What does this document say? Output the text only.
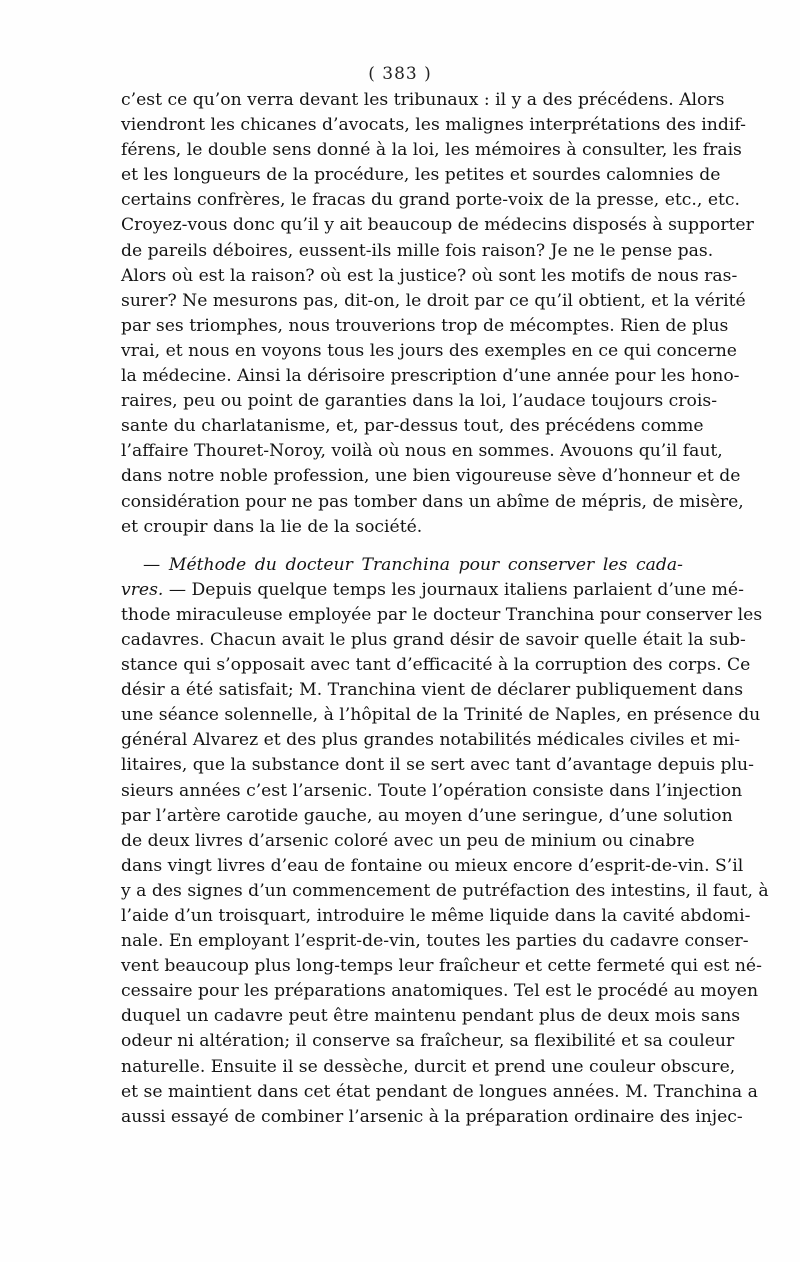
( 383 )
c’est ce qu’on verra devant les tribunaux : il y a des précédens. Alors
viendront les chicanes d’avocats, les malignes interprétations des indif-
férens, le double sens donné à la loi, les mémoires à consulter, les frais
et les longueurs de la procédure, les petites et sourdes calomnies de
certains confrères, le fracas du grand porte-voix de la presse, etc., etc.
Croyez-vous donc qu’il y ait beaucoup de médecins disposés à supporter
de pareils déboires, eussent-ils mille fois raison? Je ne le pense pas.
Alors où est la raison? où est la justice? où sont les motifs de nous ras-
surer? Ne mesurons pas, dit-on, le droit par ce qu’il obtient, et la vérité
par ses triomphes, nous trouverions trop de mécomptes. Rien de plus
vrai, et nous en voyons tous les jours des exemples en ce qui concerne
la médecine. Ainsi la dérisoire prescription d’une année pour les hono-
raires, peu ou point de garanties dans la loi, l’audace toujours crois-
sante du charlatanisme, et, par-dessus tout, des précédens comme
l’affaire Thouret-Noroy, voilà où nous en sommes. Avouons qu’il faut,
dans notre noble profession, une bien vigoureuse sève d’honneur et de
considération pour ne pas tomber dans un abîme de mépris, de misère,
et croupir dans la lie de la société.
— Méthode du docteur Tranchina pour conserver les cada-
vres. — Depuis quelque temps les journaux italiens parlaient d’une mé-
thode miraculeuse employée par le docteur Tranchina pour conserver les
cadavres. Chacun avait le plus grand désir de savoir quelle était la sub-
stance qui s’opposait avec tant d’efficacité à la corruption des corps. Ce
désir a été satisfait; M. Tranchina vient de déclarer publiquement dans
une séance solennelle, à l’hôpital de la Trinité de Naples, en présence du
général Alvarez et des plus grandes notabilités médicales civiles et mi-
litaires, que la substance dont il se sert avec tant d’avantage depuis plu-
sieurs années c’est l’arsenic. Toute l’opération consiste dans l’injection
par l’artère carotide gauche, au moyen d’une seringue, d’une solution
de deux livres d’arsenic coloré avec un peu de minium ou cinabre
dans vingt livres d’eau de fontaine ou mieux encore d’esprit-de-vin. S’il
y a des signes d’un commencement de putréfaction des intestins, il faut, à
l’aide d’un troisquart, introduire le même liquide dans la cavité abdomi-
nale. En employant l’esprit-de-vin, toutes les parties du cadavre conser-
vent beaucoup plus long-temps leur fraîcheur et cette fermeté qui est né-
cessaire pour les préparations anatomiques. Tel est le procédé au moyen
duquel un cadavre peut être maintenu pendant plus de deux mois sans
odeur ni altération; il conserve sa fraîcheur, sa flexibilité et sa couleur
naturelle. Ensuite il se dessèche, durcit et prend une couleur obscure,
et se maintient dans cet état pendant de longues années. M. Tranchina a
aussi essayé de combiner l’arsenic à la préparation ordinaire des injec-
